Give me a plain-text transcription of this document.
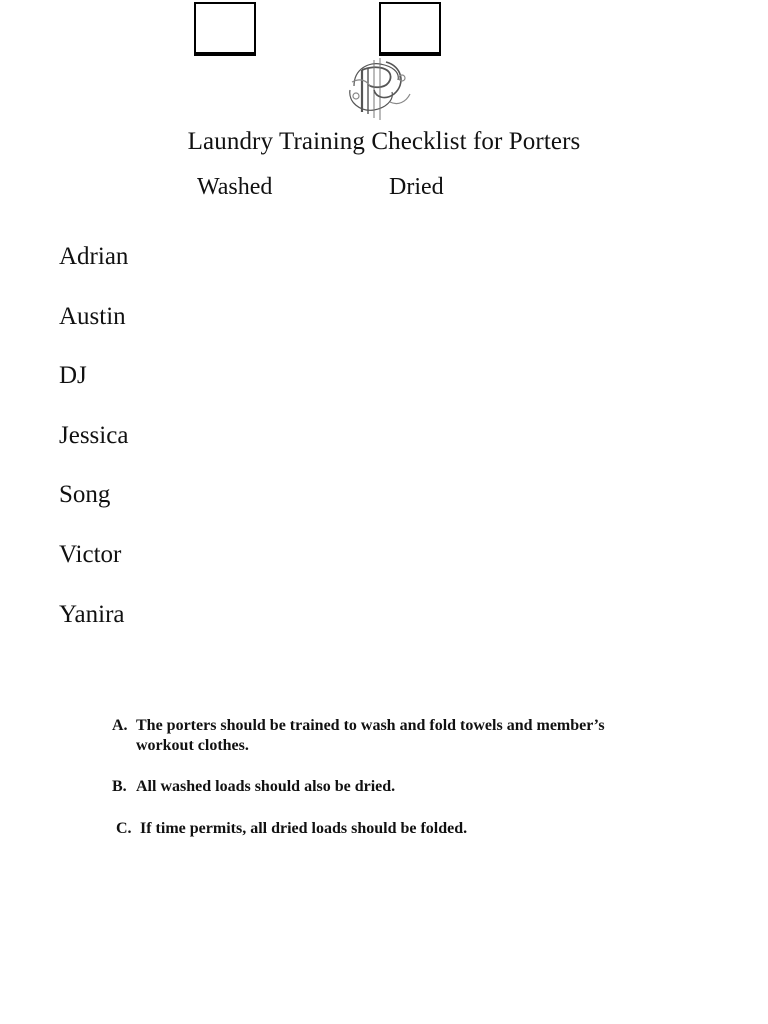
Laundry Training Checklist for Porters
Washed	Dried
Adrian
Austin
DJ
Jessica
Song
Victor
Yanira
A. The porters should be trained to wash and fold towels and member’s workout clothes.
B. All washed loads should also be dried.
C. If time permits, all dried loads should be folded.
